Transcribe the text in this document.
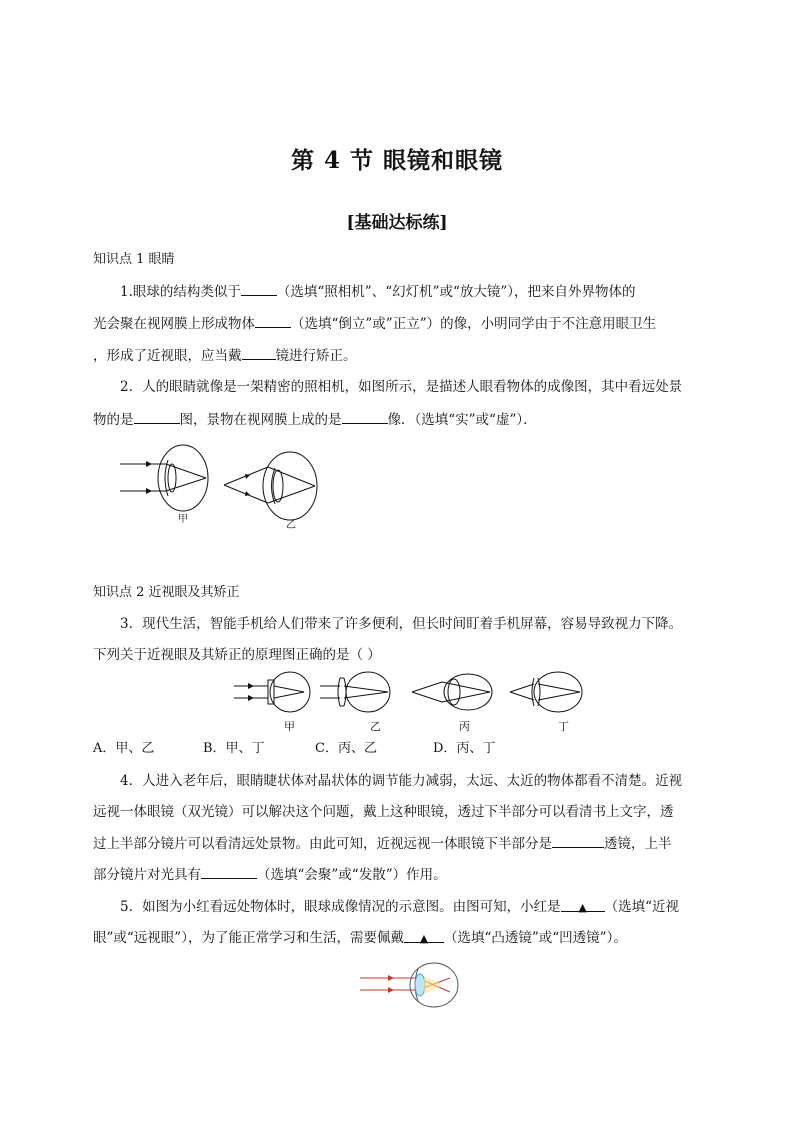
第 4 节 眼镜和眼镜
[基础达标练]
知识点 1 眼睛
1.眼球的结构类似于	（选填“照相机”、“幻灯机”或“放大镜”），把来自外界物体的
光会聚在视网膜上形成物体	（选填“倒立”或”正立”）的像，小明同学由于不注意用眼卫生
，形成了近视眼，应当戴	镜进行矫正。
2．人的眼睛就像是一架精密的照相机，如图所示，是描述人眼看物体的成像图，其中看远处景
物的是	图，景物在视网膜上成的是	像．（选填“实”或“虚”）．
甲
乙
知识点 2 近视眼及其矫正
3．现代生活，智能手机给人们带来了许多便利，但长时间盯着手机屏幕，容易导致视力下降。
下列关于近视眼及其矫正的原理图正确的是（ ）
甲	乙	丙	丁
A．甲、乙	B．甲、丁	C．丙、乙	D．丙、丁
4．人进入老年后，眼睛睫状体对晶状体的调节能力减弱，太远、太近的物体都看不清楚。近视
远视一体眼镜（双光镜）可以解决这个问题，戴上这种眼镜，透过下半部分可以看清书上文字，透
过上半部分镜片可以看清远处景物。由此可知，近视远视一体眼镜下半部分是	透镜，上半
部分镜片对光具有	（选填“会聚”或“发散”）作用。
5．如图为小红看远处物体时，眼球成像情况的示意图。由图可知，小红是 ▲ （选填“近视
眼”或“远视眼”），为了能正常学习和生活，需要佩戴 ▲ （选填“凸透镜”或“凹透镜”）。
